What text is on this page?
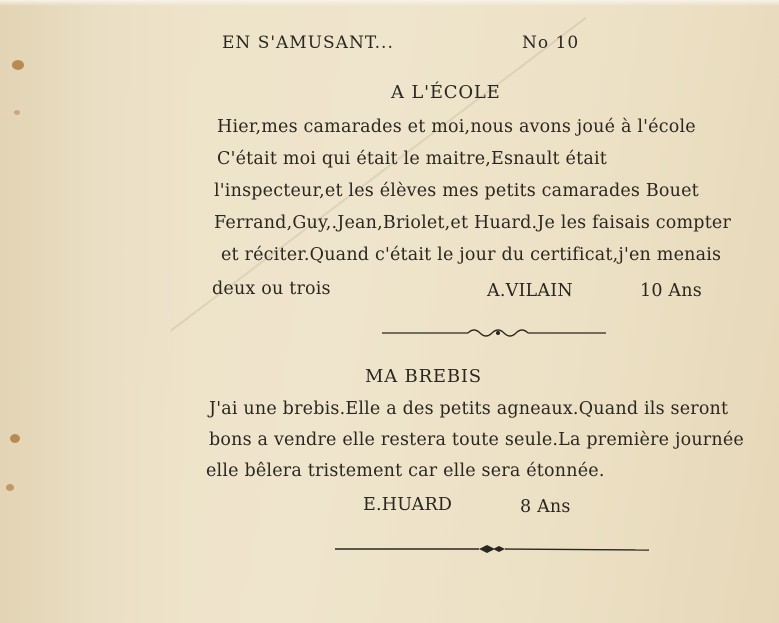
EN S'AMUSANT...	No 10
A L'ÉCOLE
Hier,mes camarades et moi,nous avons joué à l'école
C'était moi qui était le maitre,Esnault était
l'inspecteur,et les élèves mes petits camarades Bouet
Ferrand,Guy,.Jean,Briolet,et Huard.Je les faisais compter
et réciter.Quand c'était le jour du certificat,j'en menais
deux ou trois	A.VILAIN	10 Ans
MA BREBIS
J'ai une brebis.Elle a des petits agneaux.Quand ils seront
bons a vendre elle restera toute seule.La première journée
elle bêlera tristement car elle sera étonnée.
E.HUARD	8 Ans
